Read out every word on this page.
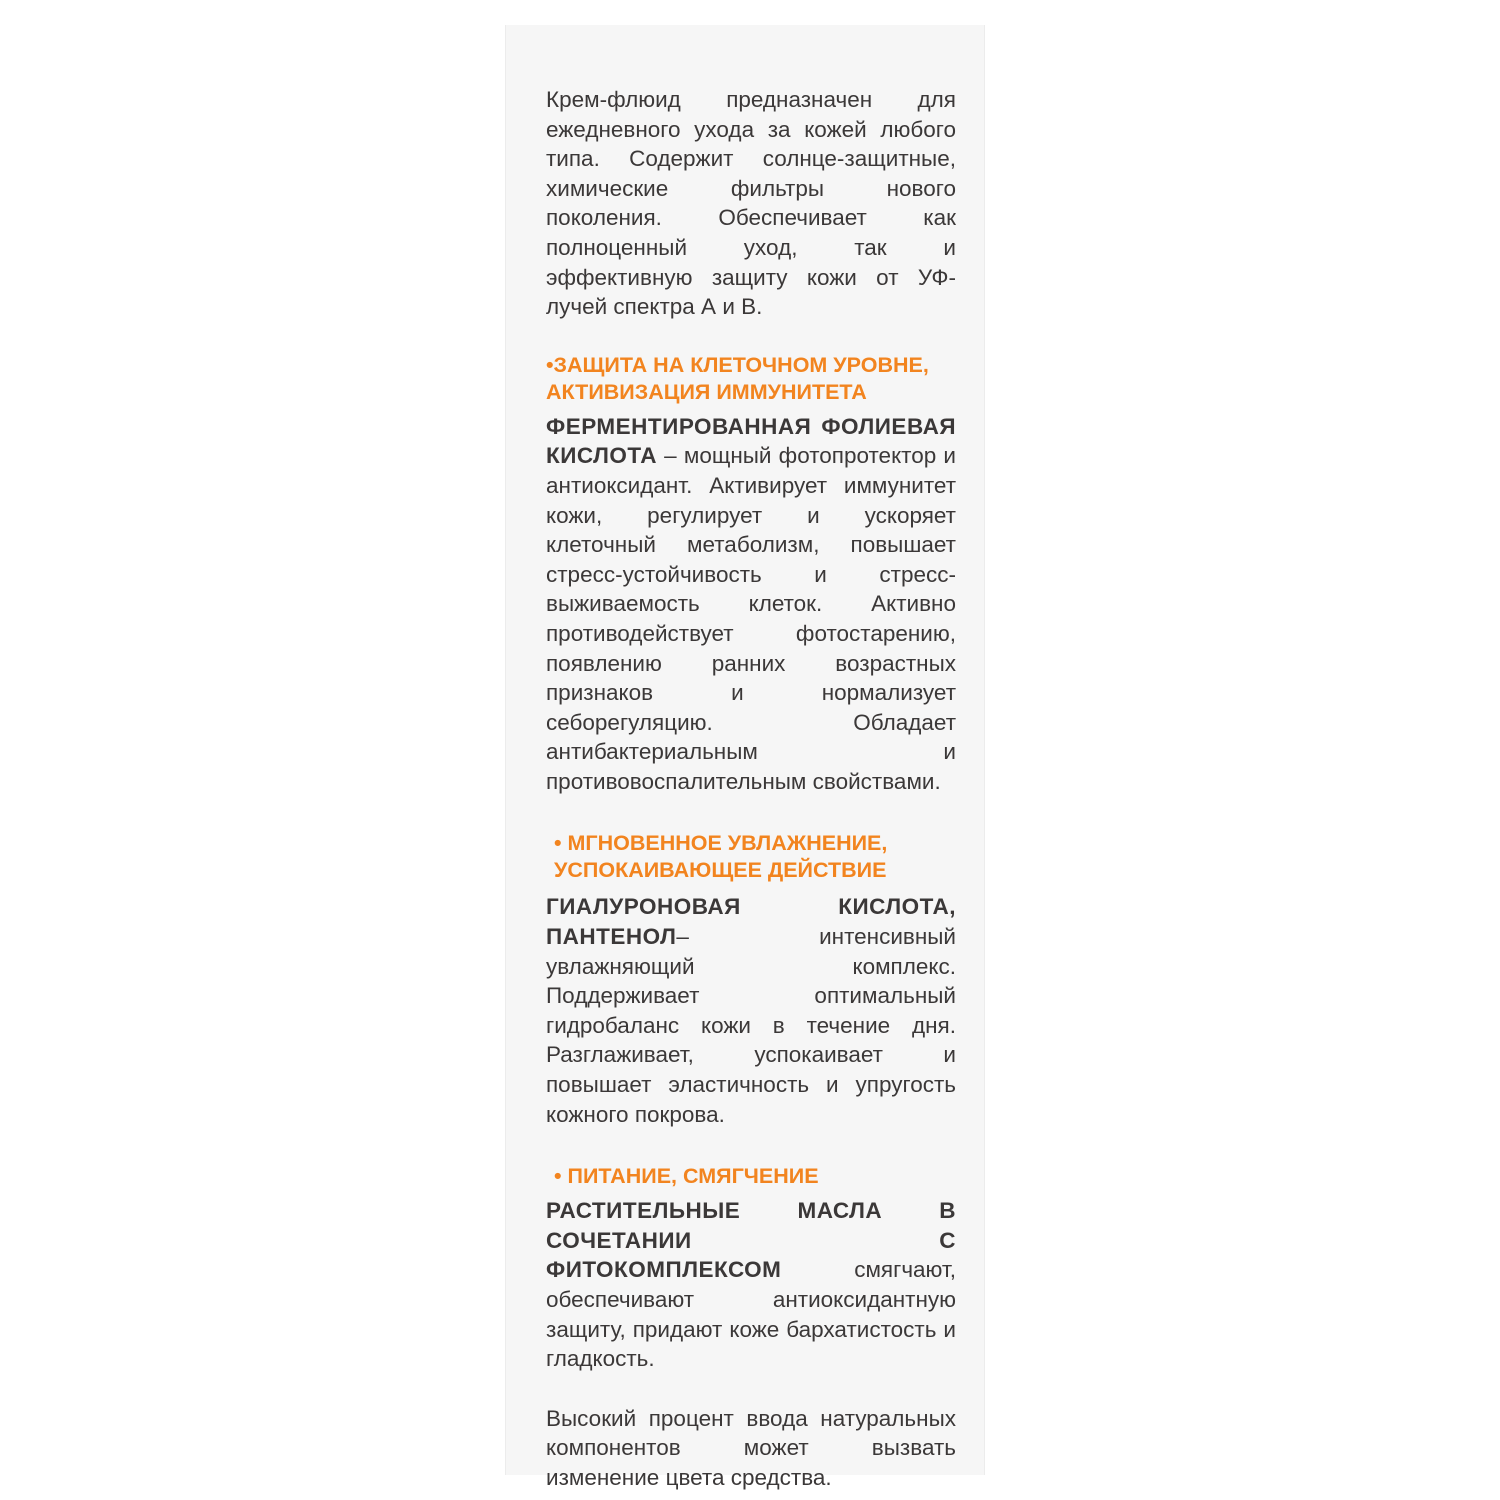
Крем-флюид предназначен для ежедневного ухода за кожей любого типа. Содержит солнце-защитные, химические фильтры нового поколения. Обеспечивает как полноценный уход, так и эффективную защиту кожи от УФ-лучей спектра А и В.

•ЗАЩИТА НА КЛЕТОЧНОМ УРОВНЕ,
АКТИВИЗАЦИЯ ИММУНИТЕТА

ФЕРМЕНТИРОВАННАЯ ФОЛИЕВАЯ КИСЛОТА – мощный фотопротектор и антиоксидант. Активирует иммунитет кожи, регулирует и ускоряет клеточный метаболизм, повышает стресс-устойчивость и стресс-выживаемость клеток. Активно противодействует фотостарению, появлению ранних возрастных признаков и нормализует себорегуляцию. Обладает антибактериальным и противовоспалительным свойствами.

• МГНОВЕННОЕ УВЛАЖНЕНИЕ,
УСПОКАИВАЮЩЕЕ ДЕЙСТВИЕ

ГИАЛУРОНОВАЯ КИСЛОТА, ПАНТЕНОЛ– интенсивный увлажняющий комплекс. Поддерживает оптимальный гидробаланс кожи в течение дня. Разглаживает, успокаивает и повышает эластичность и упругость кожного покрова.

• ПИТАНИЕ, СМЯГЧЕНИЕ

РАСТИТЕЛЬНЫЕ МАСЛА В СОЧЕТАНИИ С ФИТОКОМПЛЕКСОМ смягчают, обеспечивают антиоксидантную защиту, придают коже бархатистость и гладкость.

Высокий процент ввода натуральных компонентов может вызвать изменение цвета средства.
